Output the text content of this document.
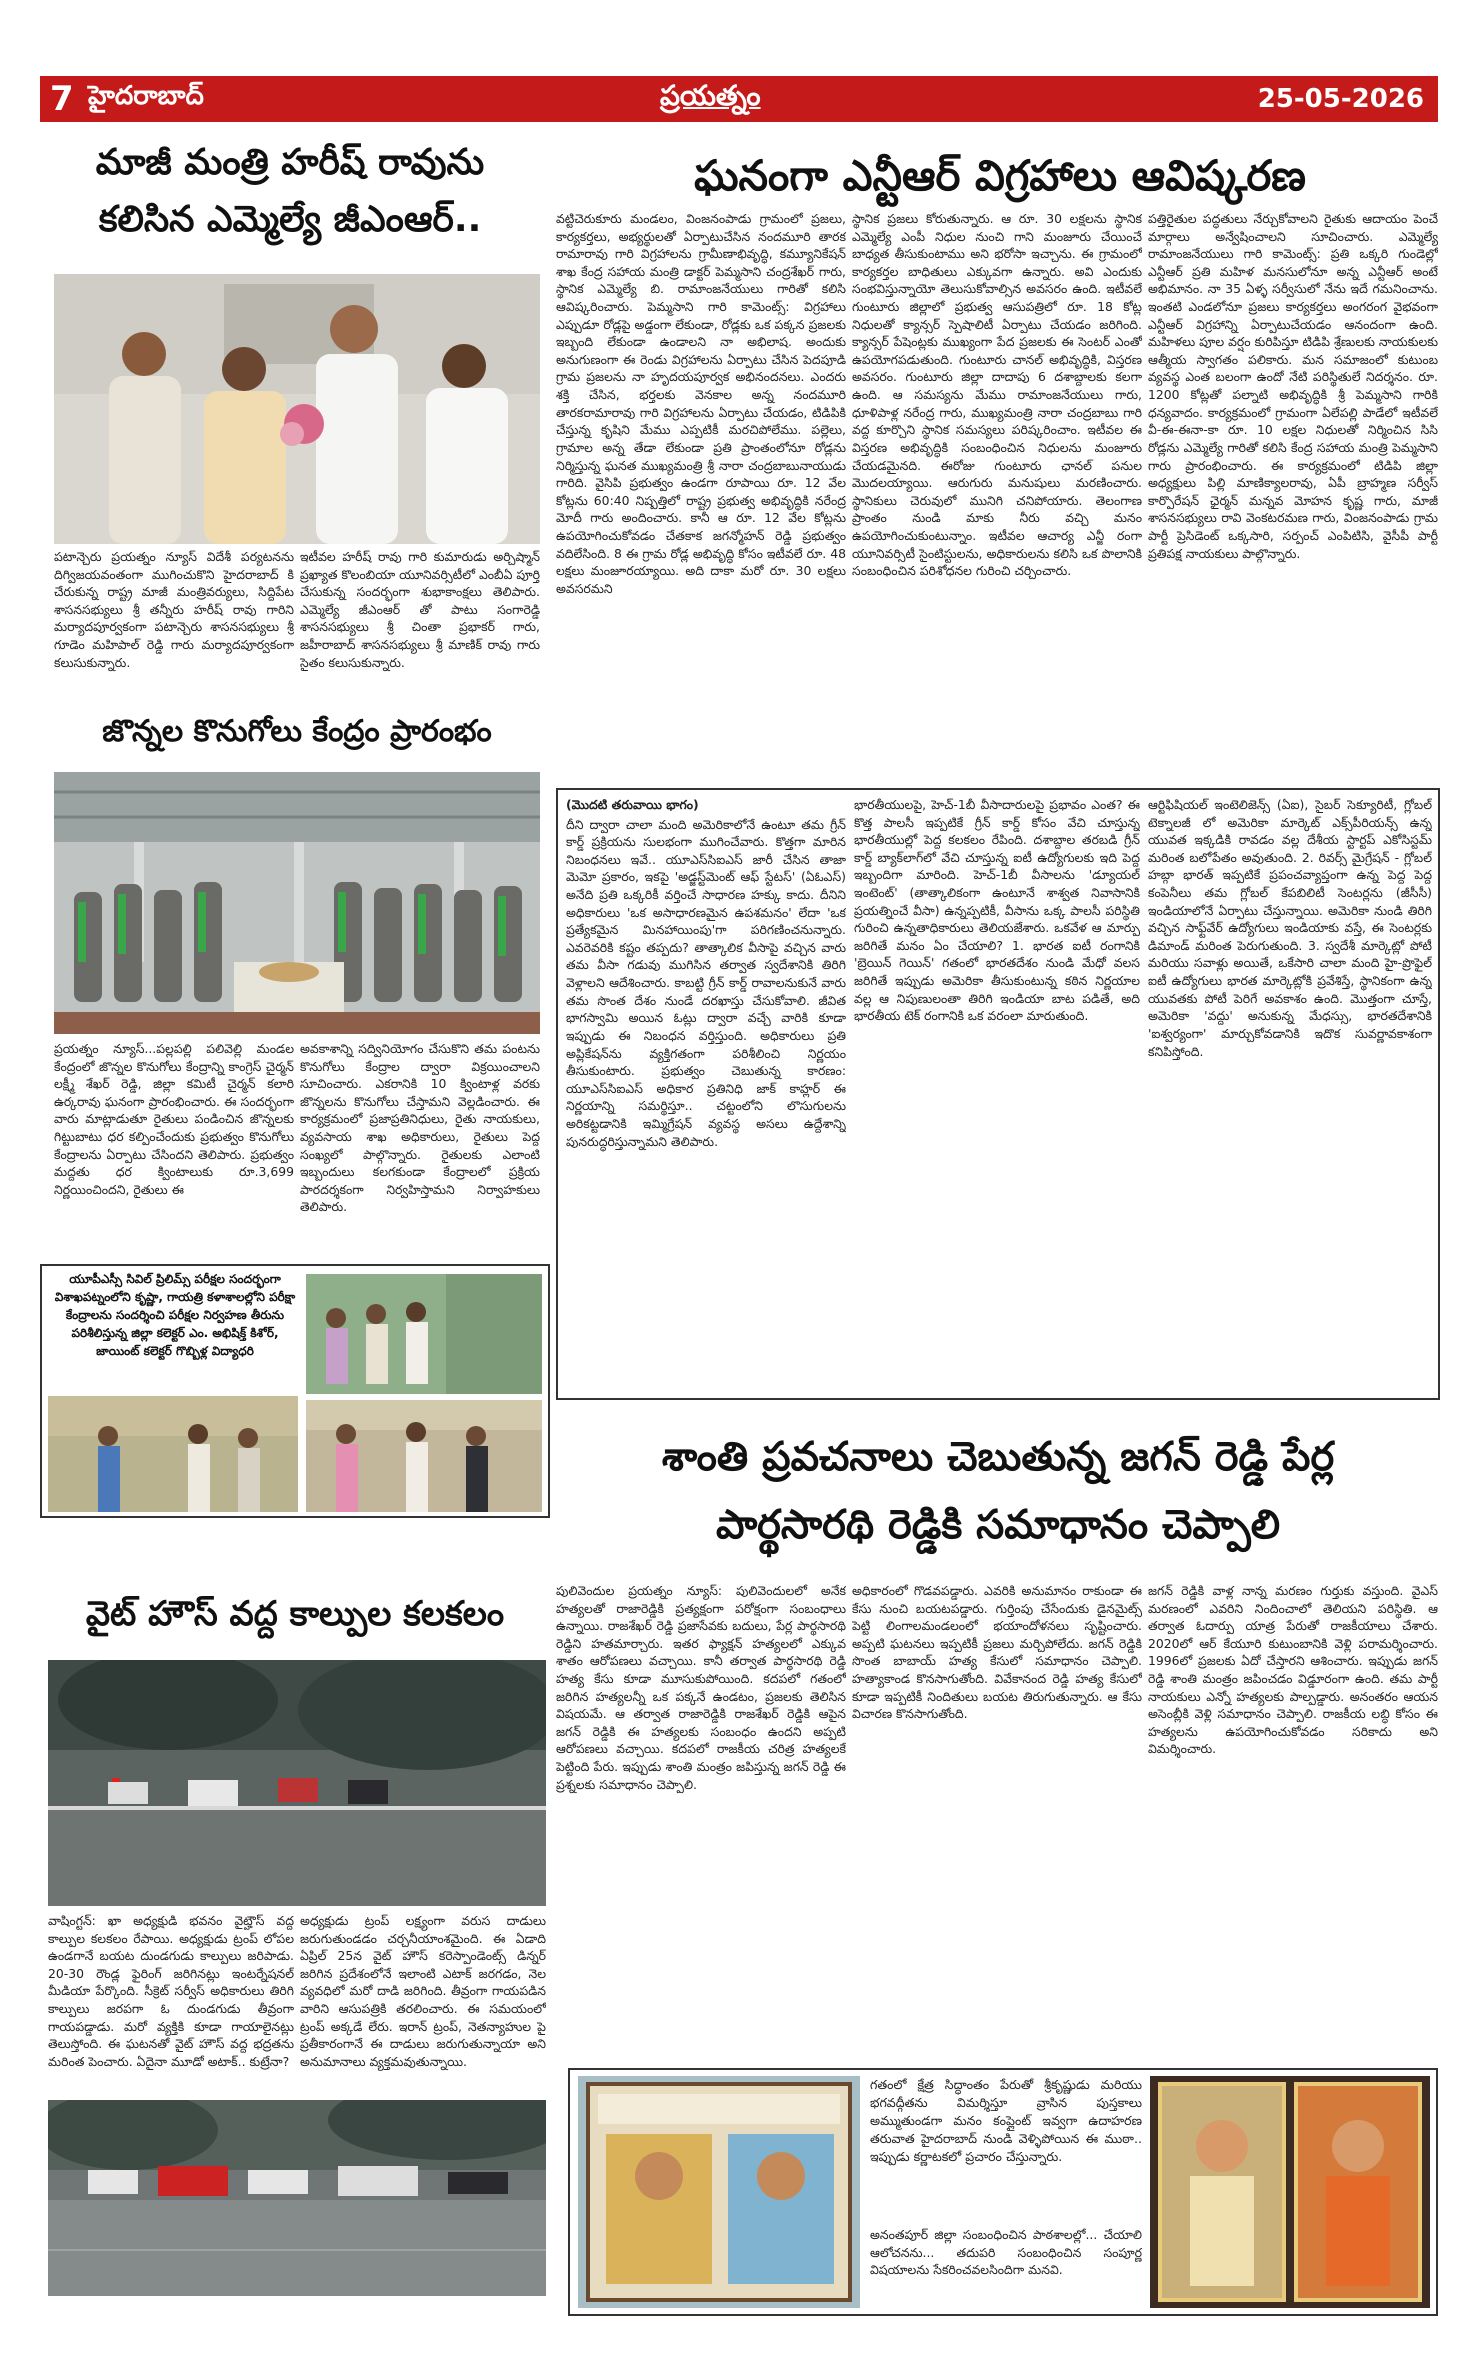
7 హైదరాబాద్	ప్రయత్నం	25-05-2026
మాజీ మంత్రి హరీష్ రావును
కలిసిన ఎమ్మెల్యే జీఎంఆర్..

పటాన్చెరు ప్రయత్నం న్యూస్ విదేశీ పర్యటనను దిగ్విజయవంతంగా ముగించుకొని హైదరాబాద్ కి చేరుకున్న రాష్ట్ర మాజీ మంత్రివర్యులు, సిద్దిపేట శాసనసభ్యులు శ్రీ తన్నీరు హరీష్ రావు గారిని మర్యాదపూర్వకంగా పటాన్చెరు శాసనసభ్యులు శ్రీ గూడెం మహిపాల్ రెడ్డి గారు మర్యాదపూర్వకంగా కలుసుకున్నారు.

ఇటీవల హరీష్ రావు గారి కుమారుడు అర్చిష్మాన్ ప్రఖ్యాత కొలంబియా యూనివర్సిటీలో ఎంబీఏ పూర్తి చేసుకున్న సందర్భంగా శుభాకాంక్షలు తెలిపారు. ఎమ్మెల్యే జీఎంఆర్ తో పాటు సంగారెడ్డి శాసనసభ్యులు శ్రీ చింతా ప్రభాకర్ గారు, జహీరాబాద్ శాసనసభ్యులు శ్రీ మాణిక్ రావు గారు సైతం కలుసుకున్నారు.

ఘనంగా ఎన్టీఆర్ విగ్రహాలు ఆవిష్కరణ

వట్టిచెరుకూరు మండలం, వింజనంపాడు గ్రామంలో ప్రజలు, కార్యకర్తలు, అభ్యర్థులతో ఏర్పాటుచేసిన నందమూరి తారక రామారావు గారి విగ్రహాలను గ్రామీణాభివృద్ధి, కమ్యూనికేషన్ శాఖ కేంద్ర సహాయ మంత్రి డాక్టర్ పెమ్మసాని చంద్రశేఖర్ గారు, స్థానిక ఎమ్మెల్యే బి. రామాంజనేయులు గారితో కలిసి ఆవిష్కరించారు. పెమ్మసాని గారి కామెంట్స్: విగ్రహాలు ఎప్పుడూ రోడ్లపై అడ్డంగా లేకుండా, రోడ్లకు ఒక పక్కన ప్రజలకు ఇబ్బంది లేకుండా ఉండాలని నా అభిలాష. అందుకు అనుగుణంగా ఈ రెండు విగ్రహాలను ఏర్పాటు చేసిన పెదపూడి గ్రామ ప్రజలను నా హృదయపూర్వక అభినందనలు. ఎందరు శక్తి చేసిన, భర్తలకు వెనకాల అన్న నందమూరి తారకరామారావు గారి విగ్రహాలను ఏర్పాటు చేయడం, టిడిపికి చేస్తున్న కృషిని మేము ఎప్పటికీ మరచిపోలేము. పల్లెలు, గ్రామాల అన్న తేడా లేకుండా ప్రతి ప్రాంతంలోనూ రోడ్లను నిర్మిస్తున్న ఘనత ముఖ్యమంత్రి శ్రీ నారా చంద్రబాబునాయుడు గారిది. వైసిపి ప్రభుత్వం ఉండగా రూపాయి రూ. 12 వేల కోట్లను 60:40 నిష్పత్తిలో రాష్ట్ర ప్రభుత్వ అభివృద్ధికి నరేంద్ర మోదీ గారు అందించారు. కానీ ఆ రూ. 12 వేల కోట్లను ఉపయోగించుకోవడం చేతకాక జగన్మోహన్ రెడ్డి ప్రభుత్వం వదిలేసింది. 8 ఈ గ్రామ రోడ్ల అభివృద్ధి కోసం ఇటీవలే రూ. 48 లక్షలు మంజూరయ్యాయి. అది దాకా మరో రూ. 30 లక్షలు అవసరమని

స్థానిక ప్రజలు కోరుతున్నారు. ఆ రూ. 30 లక్షలను స్థానిక ఎమ్మెల్యే ఎంపీ నిధుల నుంచి గాని మంజూరు చేయించే బాధ్యత తీసుకుంటాము అని భరోసా ఇచ్చాను. ఈ గ్రామంలో కార్యకర్తల బాధితులు ఎక్కువగా ఉన్నారు. అవి ఎందుకు సంభవిస్తున్నాయో తెలుసుకోవాల్సిన అవసరం ఉంది. ఇటీవలే గుంటూరు జిల్లాలో ప్రభుత్వ ఆసుపత్రిలో రూ. 18 కోట్ల నిధులతో క్యాన్సర్ స్పెషాలిటీ ఏర్పాటు చేయడం జరిగింది. క్యాన్సర్ పేషెంట్లకు ముఖ్యంగా పేద ప్రజలకు ఈ సెంటర్ ఎంతో ఉపయోగపడుతుంది. గుంటూరు చానల్ అభివృద్ధికి, విస్తరణ అవసరం. గుంటూరు జిల్లా దాదాపు 6 దశాబ్దాలకు కలగా ఉంది. ఆ సమస్యను మేము రామాంజనేయులు గారు, ధూళిపాళ్ల నరేంద్ర గారు, ముఖ్యమంత్రి నారా చంద్రబాబు గారి వద్ద కూర్చొని స్థానిక సమస్యలు పరిష్కరించాం. ఇటీవల ఈ విస్తరణ అభివృద్ధికి సంబంధించిన నిధులను మంజూరు చేయడమైనది. ఈరోజు గుంటూరు ఛానల్ పనుల మొదలయ్యాయి. ఆరుగురు మనుషులు మరణించారు. స్థానికులు చెరువులో మునిగి చనిపోయారు. తెలంగాణ ప్రాంతం నుండి మాకు నీరు వచ్చి మనం ఉపయోగించుకుంటున్నాం. ఇటీవల ఆచార్య ఎన్జీ రంగా యూనివర్సిటీ సైంటిస్టులను, అధికారులను కలిసి ఒక పొలానికి సంబంధించిన పరిశోధనల గురించి చర్చించారు.

పత్తిరైతుల పద్ధతులు నేర్చుకోవాలని రైతుకు ఆదాయం పెంచే మార్గాలు అన్వేషించాలని సూచించారు. ఎమ్మెల్యే రామాంజనేయులు గారి కామెంట్స్: ప్రతి ఒక్కరి గుండెల్లో ఎన్టీఆర్ ప్రతి మహిళ మనసులోనూ అన్న ఎన్టీఆర్ అంటే అభిమానం. నా 35 ఏళ్ళ సర్వీసులో నేను ఇదే గమనించాను. ఇంతటి ఎండలోనూ ప్రజలు కార్యకర్తలు అంగరంగ వైభవంగా ఎన్టీఆర్ విగ్రహాన్ని ఏర్పాటుచేయడం ఆనందంగా ఉంది. మహిళలు పూల వర్షం కురిపిస్తూ టిడిపి శ్రేణులకు నాయకులకు ఆత్మీయ స్వాగతం పలికారు. మన సమాజంలో కుటుంబ వ్యవస్థ ఎంత బలంగా ఉందో నేటి పరిస్థితులే నిదర్శనం. రూ. 1200 కోట్లతో పల్నాటి అభివృద్ధికి శ్రీ పెమ్మసాని గారికి ధన్యవాదం. కార్యక్రమంలో గ్రామంగా ఏలేపల్లి పాడేలో ఇటీవలే వీ-ఈ-ఈనా-కా రూ. 10 లక్షల నిధులతో నిర్మించిన సిసి రోడ్లను ఎమ్మెల్యే గారితో కలిసి కేంద్ర సహాయ మంత్రి పెమ్మసాని గారు ప్రారంభించారు. ఈ కార్యక్రమంలో టిడిపి జిల్లా అధ్యక్షులు పిల్లి మాణిక్యాలరావు, ఏపీ బ్రాహ్మణ సర్వీస్ కార్పొరేషన్ ఛైర్మన్ మన్నవ మోహన కృష్ణ గారు, మాజీ శాసనసభ్యులు రావి వెంకటరమణ గారు, వింజనంపాడు గ్రామ పార్టీ ప్రెసిడెంట్ ఒక్కసారి, సర్పంచ్ ఎంపిటిసి, వైసీపీ పార్టీ ప్రతిపక్ష నాయకులు పాల్గొన్నారు.

జొన్నల కొనుగోలు కేంద్రం ప్రారంభం

ప్రయత్నం న్యూస్...పల్లపల్లి పలివెల్లి మండల కేంద్రంలో జొన్నల కొనుగోలు కేంద్రాన్ని కాంగ్రెస్ చైర్మన్ లక్ష్మీ శేఖర్ రెడ్డి, జిల్లా కమిటీ చైర్మన్ కలారి ఉర్కరావు ఘనంగా ప్రారంభించారు. ఈ సందర్భంగా వారు మాట్లాడుతూ రైతులు పండించిన జొన్నలకు గిట్టుబాటు ధర కల్పించేందుకు ప్రభుత్వం కొనుగోలు కేంద్రాలను ఏర్పాటు చేసిందని తెలిపారు. ప్రభుత్వం మద్దతు ధర క్వింటాలుకు రూ.3,699 నిర్ణయించిందని, రైతులు ఈ

అవకాశాన్ని సద్వినియోగం చేసుకొని తమ పంటను కొనుగోలు కేంద్రాల ద్వారా విక్రయించాలని సూచించారు. ఎకరానికి 10 క్వింటాళ్ల వరకు జొన్నలను కొనుగోలు చేస్తామని వెల్లడించారు. ఈ కార్యక్రమంలో ప్రజాప్రతినిధులు, రైతు నాయకులు, వ్యవసాయ శాఖ అధికారులు, రైతులు పెద్ద సంఖ్యలో పాల్గొన్నారు. రైతులకు ఎలాంటి ఇబ్బందులు కలగకుండా కేంద్రాలలో ప్రక్రియ పారదర్శకంగా నిర్వహిస్తామని నిర్వాహకులు తెలిపారు.

యూపీఎస్సీ సివిల్ ప్రిలిమ్స్ పరీక్షల సందర్భంగా విశాఖపట్నంలోని కృష్ణా, గాయత్రి కళాశాలల్లోని పరీక్షా కేంద్రాలను సందర్శించి పరీక్షల నిర్వహణ తీరును పరిశీలిస్తున్న జిల్లా కలెక్టర్ ఎం. అభిషిక్త్ కిశోర్, జాయింట్ కలెక్టర్ గొబ్బిళ్ల విద్యాధరి
వైట్ హౌస్ వద్ద కాల్పుల కలకలం

వాషింగ్టన్: ఖా అధ్యక్షుడి భవనం వైట్హౌస్ వద్ద కాల్పుల కలకలం రేపాయి. అధ్యక్షుడు ట్రంప్ లోపల ఉండగానే బయట దుండగుడు కాల్పులు జరిపాడు. 20-30 రౌండ్ల ఫైరింగ్ జరిగినట్లు ఇంటర్నేషనల్ మీడియా పేర్కొంది. సీక్రెట్ సర్వీస్ అధికారులు తిరిగి కాల్పులు జరపగా ఓ దుండగుడు తీవ్రంగా గాయపడ్డాడు. మరో వ్యక్తికి కూడా గాయాలైనట్లు తెలుస్తోంది. ఈ ఘటనతో వైట్ హౌస్ వద్ద భద్రతను మరింత పెంచారు. ఏదైనా మూడో అటాక్.. కుట్రేనా?

అధ్యక్షుడు ట్రంప్ లక్ష్యంగా వరుస దాడులు జరుగుతుండడం చర్చనీయాంశమైంది. ఈ ఏడాది ఏప్రిల్ 25న వైట్ హౌస్ కరెస్పాండెంట్స్ డిన్నర్ జరిగిన ప్రదేశంలోనే ఇలాంటి ఎటాక్ జరగడం, నెల వ్యవధిలో మరో దాడి జరిగింది. తీవ్రంగా గాయపడిన వారిని ఆసుపత్రికి తరలించారు. ఈ సమయంలో ట్రంప్ అక్కడే లేరు. ఇరాన్ ట్రంప్, నెతన్యాహుల పై ప్రతీకారంగానే ఈ దాడులు జరుగుతున్నాయా అని అనుమానాలు వ్యక్తమవుతున్నాయి.

(మొదటి తరువాయి భాగం)

దీని ద్వారా చాలా మంది అమెరికాలోనే ఉంటూ తమ గ్రీన్ కార్డ్ ప్రక్రియను సులభంగా ముగించేవారు. కొత్తగా మారిన నిబంధనలు ఇవే.. యూఎస్‌సిఐఎస్ జారీ చేసిన తాజా మెమో ప్రకారం, ఇకపై 'అడ్జస్ట్‌మెంట్ ఆఫ్ స్టేటస్' (ఏఓఎస్) అనేది ప్రతి ఒక్కరికీ వర్తించే సాధారణ హక్కు కాదు. దీనిని అధికారులు 'ఒక అసాధారణమైన ఉపశమనం' లేదా 'ఒక ప్రత్యేకమైన మినహాయింపు'గా పరిగణించనున్నారు. ఎవరెవరికి కష్టం తప్పదు? తాత్కాలిక వీసాపై వచ్చిన వారు తమ వీసా గడువు ముగిసిన తర్వాత స్వదేశానికి తిరిగి వెళ్లాలని ఆదేశించారు. కాబట్టి గ్రీన్ కార్డ్ రావాలనుకునే వారు తమ సొంత దేశం నుండే దరఖాస్తు చేసుకోవాలి. జీవిత భాగస్వామి అయిన ఓట్లు ద్వారా వచ్చే వారికి కూడా ఇప్పుడు ఈ నిబంధన వర్తిస్తుంది. అధికారులు ప్రతి అప్లికేషన్‌ను వ్యక్తిగతంగా పరిశీలించి నిర్ణయం తీసుకుంటారు. ప్రభుత్వం చెబుతున్న కారణం: యూఎస్‌సిఐఎస్ అధికార ప్రతినిధి జాక్ కాహ్లర్ ఈ నిర్ణయాన్ని సమర్థిస్తూ.. చట్టంలోని లొసుగులను అరికట్టడానికి ఇమ్మిగ్రేషన్ వ్యవస్థ అసలు ఉద్దేశాన్ని పునరుద్ధరిస్తున్నామని తెలిపారు.

భారతీయులపై, హెచ్-1బీ వీసాదారులపై ప్రభావం ఎంత? ఈ కొత్త పాలసీ ఇప్పటికే గ్రీన్ కార్డ్ కోసం వేచి చూస్తున్న భారతీయుల్లో పెద్ద కలకలం రేపింది. దశాబ్దాల తరబడి గ్రీన్ కార్డ్ బ్యాక్‌లాగ్‌లో వేచి చూస్తున్న ఐటీ ఉద్యోగులకు ఇది పెద్ద ఇబ్బందిగా మారింది. హెచ్-1బీ వీసాలను 'డ్యూయల్ ఇంటెంట్' (తాత్కాలికంగా ఉంటూనే శాశ్వత నివాసానికి ప్రయత్నించే వీసా) ఉన్నప్పటికీ, వీసాను ఒక్క పాలసీ పరిస్థితి గురించి ఉన్నతాధికారులు తెలియజేశారు. ఒకవేళ ఆ మార్పు జరిగితే మనం ఏం చేయాలి? 1. భారత ఐటీ రంగానికి 'బ్రెయిన్ గెయిన్' గతంలో భారతదేశం నుండి మేధో వలస జరిగితే ఇప్పుడు అమెరికా తీసుకుంటున్న కఠిన నిర్ణయాల వల్ల ఆ నిపుణులంతా తిరిగి ఇండియా బాట పడితే, అది భారతీయ టెక్ రంగానికి ఒక వరంలా మారుతుంది.

ఆర్టిఫిషియల్ ఇంటెలిజెన్స్ (ఏఐ), సైబర్ సెక్యూరిటీ, గ్లోబల్ టెక్నాలజీ లో అమెరికా మార్కెట్ ఎక్స్‌పీరియన్స్ ఉన్న యువత ఇక్కడికి రావడం వల్ల దేశీయ స్టార్టప్ ఎకోసిస్టమ్ మరింత బలోపేతం అవుతుంది. 2. రివర్స్ మైగ్రేషన్ - గ్లోబల్ హబ్గా భారత్ ఇప్పటికే ప్రపంచవ్యాప్తంగా ఉన్న పెద్ద పెద్ద కంపెనీలు తమ గ్లోబల్ కేపబిలిటీ సెంటర్లను (జీసీసీ) ఇండియాలోనే ఏర్పాటు చేస్తున్నాయి. అమెరికా నుండి తిరిగి వచ్చిన సాఫ్ట్‌వేర్ ఉద్యోగులు ఇండియాకు వస్తే, ఈ సెంటర్లకు డిమాండ్ మరింత పెరుగుతుంది. 3. స్వదేశీ మార్కెట్లో పోటీ మరియు సవాళ్లు అయితే, ఒకేసారి చాలా మంది హై-ప్రొఫైల్ ఐటీ ఉద్యోగులు భారత మార్కెట్లోకి ప్రవేశిస్తే, స్థానికంగా ఉన్న యువతకు పోటీ పెరిగే అవకాశం ఉంది. మొత్తంగా చూస్తే, అమెరికా 'వద్దు' అనుకున్న మేధస్సు, భారతదేశానికి 'ఐశ్వర్యంగా' మార్చుకోవడానికి ఇదొక సువర్ణావకాశంగా కనిపిస్తోంది.

శాంతి ప్రవచనాలు చెబుతున్న జగన్ రెడ్డి పేర్ల
పార్థసారథి రెడ్డికి సమాధానం చెప్పాలి

పులివెందుల ప్రయత్నం న్యూస్: పులివెందులలో అనేక హత్యలతో రాజారెడ్డికి ప్రత్యక్షంగా పరోక్షంగా సంబంధాలు ఉన్నాయి. రాజశేఖర్ రెడ్డి ప్రజాసేవకు బదులు, పేర్ల పార్థసారథి రెడ్డిని హతమార్చారు. ఇతర ఫ్యాక్షన్ హత్యలలో ఎక్కువ శాతం ఆరోపణలు వచ్చాయి. కానీ తర్వాత పార్థసారథి రెడ్డి హత్య కేసు కూడా మూసుకుపోయింది. కదపలో గతంలో జరిగిన హత్యలన్నీ ఒక పక్కనే ఉండటం, ప్రజలకు తెలిసిన విషయమే. ఆ తర్వాత రాజారెడ్డికి రాజశేఖర్ రెడ్డికి ఆపైన జగన్ రెడ్డికి ఈ హత్యలకు సంబంధం ఉందని అప్పటి ఆరోపణలు వచ్చాయి. కదపలో రాజకీయ చరిత్ర హత్యలకే పెట్టింది పేరు. ఇప్పుడు శాంతి మంత్రం జపిస్తున్న జగన్ రెడ్డి ఈ ప్రశ్నలకు సమాధానం చెప్పాలి.

అధికారంలో గొడవపడ్డారు. ఎవరికి అనుమానం రాకుండా ఈ కేసు నుంచి బయటపడ్డారు. గుర్తింపు చేసేందుకు డైనమైట్స్ పెట్టి లింగాలమండలంలో భయాందోళనలు సృష్టించారు. అప్పటి ఘటనలు ఇప్పటికీ ప్రజలు మర్చిపోలేదు. జగన్ రెడ్డికి సొంత బాబాయ్ హత్య కేసులో సమాధానం చెప్పాలి. హత్యాకాండ కొనసాగుతోంది. వివేకానంద రెడ్డి హత్య కేసులో కూడా ఇప్పటికీ నిందితులు బయట తిరుగుతున్నారు. ఆ కేసు విచారణ కొనసాగుతోంది.

జగన్ రెడ్డికి వాళ్ల నాన్న మరణం గుర్తుకు వస్తుంది. వైఎస్ మరణంలో ఎవరిని నిందించాలో తెలియని పరిస్థితి. ఆ తర్వాత ఓదార్పు యాత్ర పేరుతో రాజకీయాలు చేశారు. 2020లో ఆర్ కేయూరి కుటుంబానికి వెళ్లి పరామర్శించారు. 1996లో ప్రజలకు ఏదో చేస్తారని ఆశించారు. ఇప్పుడు జగన్ రెడ్డి శాంతి మంత్రం జపించడం విడ్డూరంగా ఉంది. తమ పార్టీ నాయకులు ఎన్నో హత్యలకు పాల్పడ్డారు. అనంతరం ఆయన అసెంబ్లీకి వెళ్లి సమాధానం చెప్పాలి. రాజకీయ లబ్ధి కోసం ఈ హత్యలను ఉపయోగించుకోవడం సరికాదు అని విమర్శించారు.

గతంలో క్షేత్ర సిద్ధాంతం పేరుతో శ్రీకృష్ణుడు మరియు భగవద్గీతను విమర్శిస్తూ వ్రాసిన పుస్తకాలు అమ్ముతుండగా మనం కంప్లైంట్ ఇవ్వగా ఉదాహరణ తరువాత హైదరాబాద్ నుండి వెళ్ళిపోయిన ఈ ముఠా.. ఇప్పుడు కర్ణాటకలో ప్రచారం చేస్తున్నారు.

అనంతపూర్ జిల్లా సంబంధించిన పాఠశాలల్లో... చేయాలి ఆలోచనను... తదుపరి సంబంధించిన సంపూర్ణ విషయాలను సేకరించవలసిందిగా మనవి.
